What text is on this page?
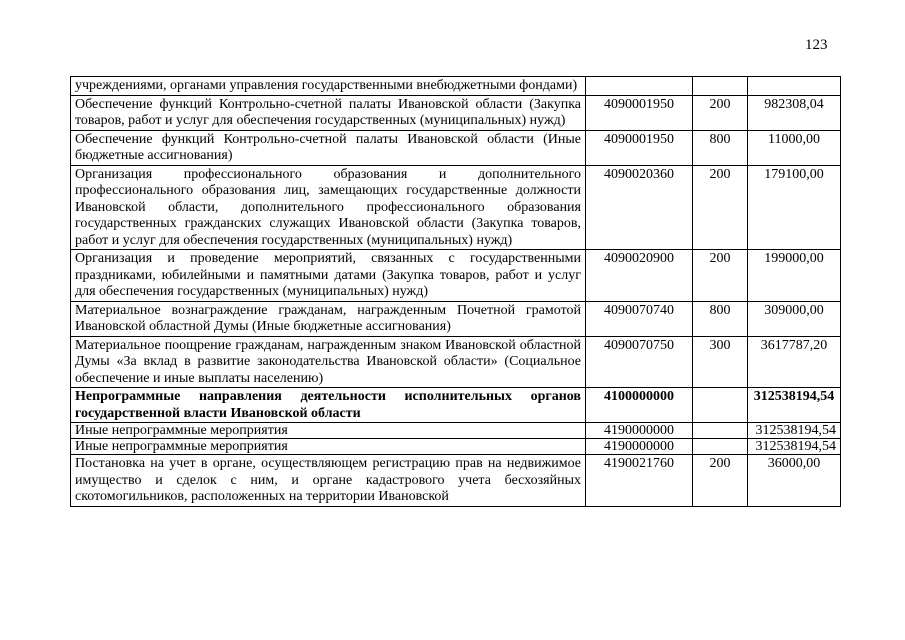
123
учреждениями, органами управления государственными внебюджетными фондами)			
Обеспечение функций Контрольно-счетной палаты Ивановской области (Закупка товаров, работ и услуг для обеспечения государственных (муниципальных) нужд)	4090001950	200	982308,04
Обеспечение функций Контрольно-счетной палаты Ивановской области (Иные бюджетные ассигнования)	4090001950	800	11000,00
Организация профессионального образования и дополнительного профессионального образования лиц, замещающих государственные должности Ивановской области, дополнительного профессионального образования государственных гражданских служащих Ивановской области (Закупка товаров, работ и услуг для обеспечения государственных (муниципальных) нужд)	4090020360	200	179100,00
Организация и проведение мероприятий, связанных с государственными праздниками, юбилейными и памятными датами (Закупка товаров, работ и услуг для обеспечения государственных (муниципальных) нужд)	4090020900	200	199000,00
Материальное вознаграждение гражданам, награжденным Почетной грамотой Ивановской областной Думы (Иные бюджетные ассигнования)	4090070740	800	309000,00
Материальное поощрение гражданам, награжденным знаком Ивановской областной Думы «За вклад в развитие законодательства Ивановской области» (Социальное обеспечение и иные выплаты населению)	4090070750	300	3617787,20
Непрограммные направления деятельности исполнительных органов государственной власти Ивановской области	4100000000		312538194,54
Иные непрограммные мероприятия	4190000000		312538194,54
Иные непрограммные мероприятия	4190000000		312538194,54
Постановка на учет в органе, осуществляющем регистрацию прав на недвижимое имущество и сделок с ним, и органе кадастрового учета бесхозяйных скотомогильников, расположенных на территории Ивановской	4190021760	200	36000,00
